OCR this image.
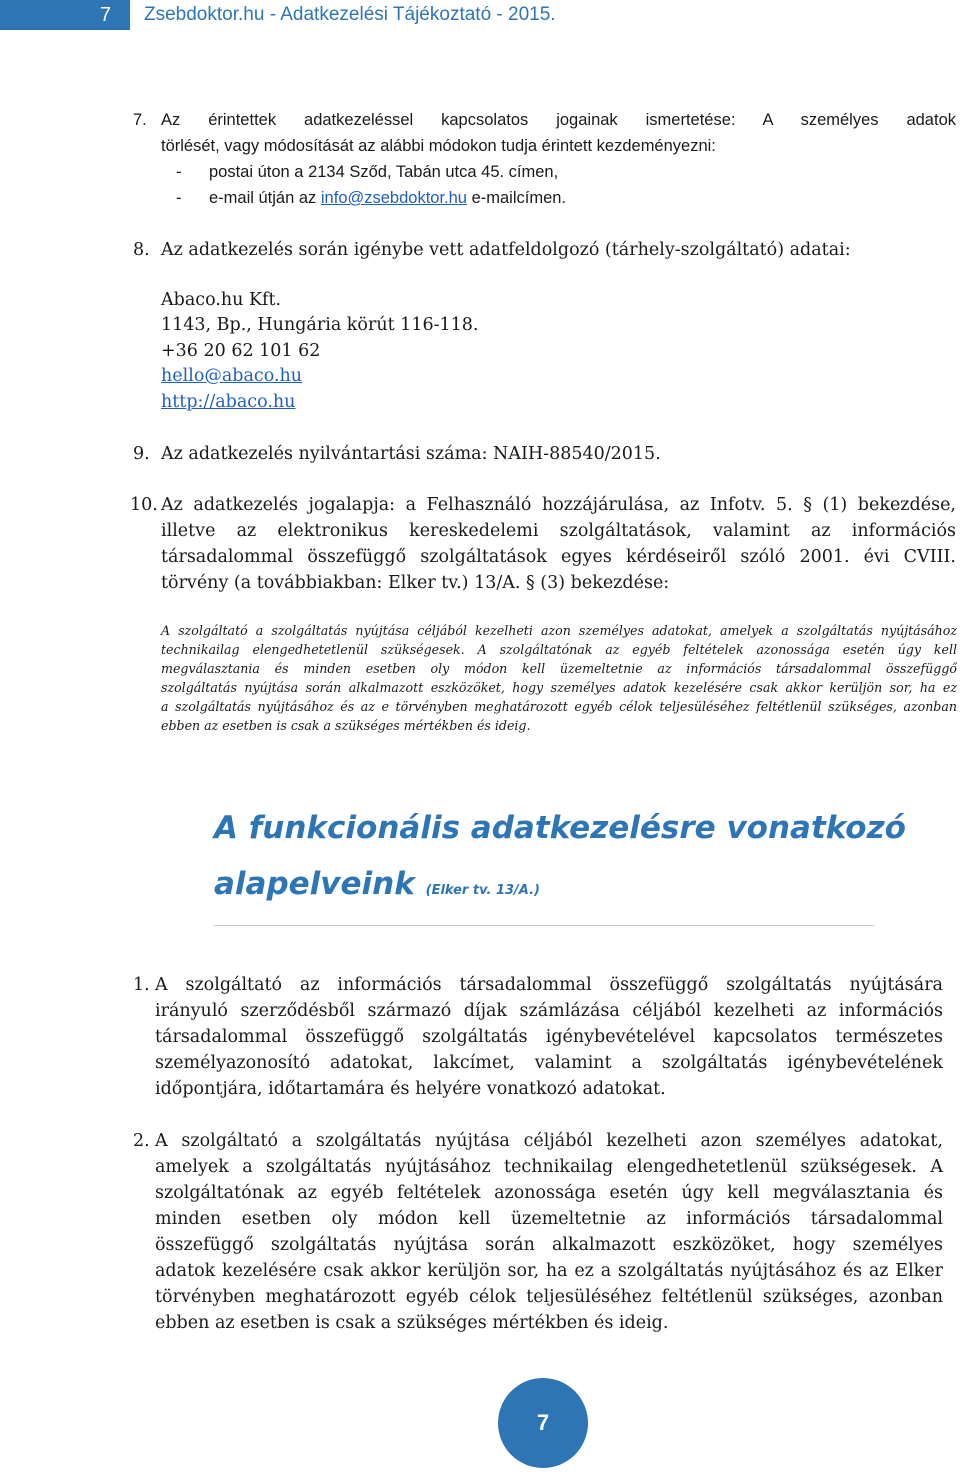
7	Zsebdoktor.hu - Adatkezelési Tájékoztató - 2015.
7. Az érintettek adatkezeléssel kapcsolatos jogainak ismertetése: A személyes adatok
törlését, vagy módosítását az alábbi módokon tudja érintett kezdeményezni:
- postai úton a 2134 Sződ, Tabán utca 45. címen,
- e-mail útján az info@zsebdoktor.hu e-mailcímen.
8. Az adatkezelés során igénybe vett adatfeldolgozó (tárhely-szolgáltató) adatai:
Abaco.hu Kft.
1143, Bp., Hungária körút 116-118.
+36 20 62 101 62
hello@abaco.hu
http://abaco.hu
9. Az adatkezelés nyilvántartási száma: NAIH-88540/2015.
10. Az adatkezelés jogalapja: a Felhasználó hozzájárulása, az Infotv. 5. § (1) bekezdése,
illetve az elektronikus kereskedelemi szolgáltatások, valamint az információs
társadalommal összefüggő szolgáltatások egyes kérdéseiről szóló 2001. évi CVIII.
törvény (a továbbiakban: Elker tv.) 13/A. § (3) bekezdése:
A szolgáltató a szolgáltatás nyújtása céljából kezelheti azon személyes adatokat, amelyek a szolgáltatás nyújtásához
technikailag elengedhetetlenül szükségesek. A szolgáltatónak az egyéb feltételek azonossága esetén úgy kell
megválasztania és minden esetben oly módon kell üzemeltetnie az információs társadalommal összefüggő
szolgáltatás nyújtása során alkalmazott eszközöket, hogy személyes adatok kezelésére csak akkor kerüljön sor, ha ez
a szolgáltatás nyújtásához és az e törvényben meghatározott egyéb célok teljesüléséhez feltétlenül szükséges, azonban
ebben az esetben is csak a szükséges mértékben és ideig.
A funkcionális adatkezelésre vonatkozó
alapelveink (Elker tv. 13/A.)
1. A szolgáltató az információs társadalommal összefüggő szolgáltatás nyújtására
irányuló szerződésből származó díjak számlázása céljából kezelheti az információs
társadalommal összefüggő szolgáltatás igénybevételével kapcsolatos természetes
személyazonosító adatokat, lakcímet, valamint a szolgáltatás igénybevételének
időpontjára, időtartamára és helyére vonatkozó adatokat.
2. A szolgáltató a szolgáltatás nyújtása céljából kezelheti azon személyes adatokat,
amelyek a szolgáltatás nyújtásához technikailag elengedhetetlenül szükségesek. A
szolgáltatónak az egyéb feltételek azonossága esetén úgy kell megválasztania és
minden esetben oly módon kell üzemeltetnie az információs társadalommal
összefüggő szolgáltatás nyújtása során alkalmazott eszközöket, hogy személyes
adatok kezelésére csak akkor kerüljön sor, ha ez a szolgáltatás nyújtásához és az Elker
törvényben meghatározott egyéb célok teljesüléséhez feltétlenül szükséges, azonban
ebben az esetben is csak a szükséges mértékben és ideig.
7
